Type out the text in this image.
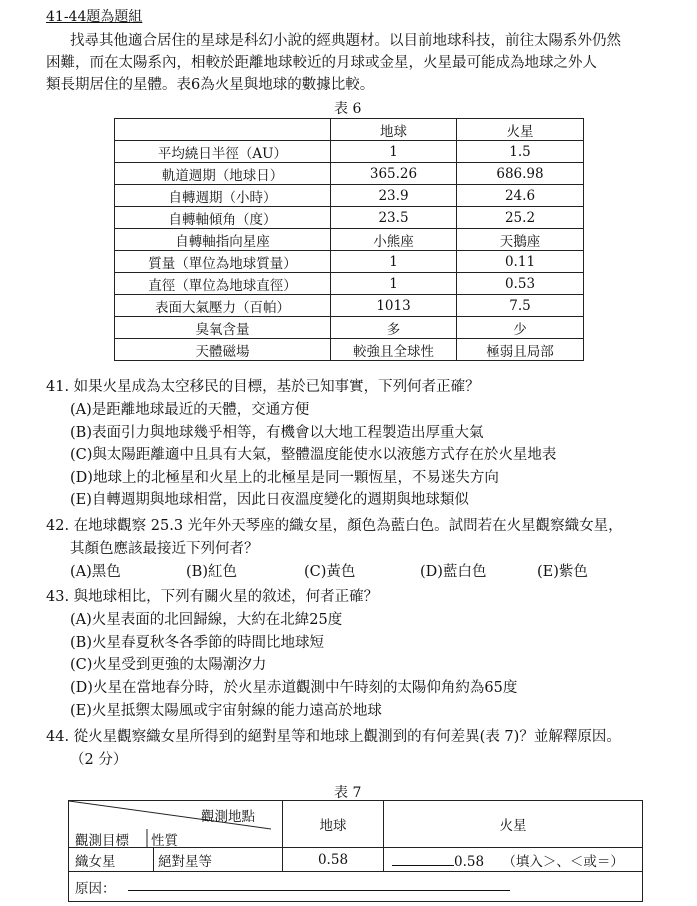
41-44題為題組
找尋其他適合居住的星球是科幻小說的經典題材。以目前地球科技，前往太陽系外仍然
困難，而在太陽系內，相較於距離地球較近的月球或金星，火星最可能成為地球之外人
類長期居住的星體。表6為火星與地球的數據比較。
表 6
	地球	火星
平均繞日半徑（AU）	1	1.5
軌道週期（地球日）	365.26	686.98
自轉週期（小時）	23.9	24.6
自轉軸傾角（度）	23.5	25.2
自轉軸指向星座	小熊座	天鵝座
質量（單位為地球質量）	1	0.11
直徑（單位為地球直徑）	1	0.53
表面大氣壓力（百帕）	1013	7.5
臭氧含量	多	少
天體磁場	較強且全球性	極弱且局部
41. 如果火星成為太空移民的目標，基於已知事實，下列何者正確？
(A)是距離地球最近的天體，交通方便
(B)表面引力與地球幾乎相等，有機會以大地工程製造出厚重大氣
(C)與太陽距離適中且具有大氣，整體溫度能使水以液態方式存在於火星地表
(D)地球上的北極星和火星上的北極星是同一顆恆星，不易迷失方向
(E)自轉週期與地球相當，因此日夜溫度變化的週期與地球類似
42. 在地球觀察 25.3 光年外天琴座的織女星，顏色為藍白色。試問若在火星觀察織女星，
其顏色應該最接近下列何者？
(A)黑色	(B)紅色	(C)黃色	(D)藍白色	(E)紫色
43. 與地球相比，下列有關火星的敘述，何者正確？
(A)火星表面的北回歸線，大約在北緯25度
(B)火星春夏秋冬各季節的時間比地球短
(C)火星受到更強的太陽潮汐力
(D)火星在當地春分時，於火星赤道觀測中午時刻的太陽仰角約為65度
(E)火星抵禦太陽風或宇宙射線的能力遠高於地球
44. 從火星觀察織女星所得到的絕對星等和地球上觀測到的有何差異(表 7)？並解釋原因。
（2 分）
表 7
觀測地點
觀測目標 性質		地球	火星
織女星	絕對星等	0.58	0.58 （填入＞、＜或＝）
原因：			
